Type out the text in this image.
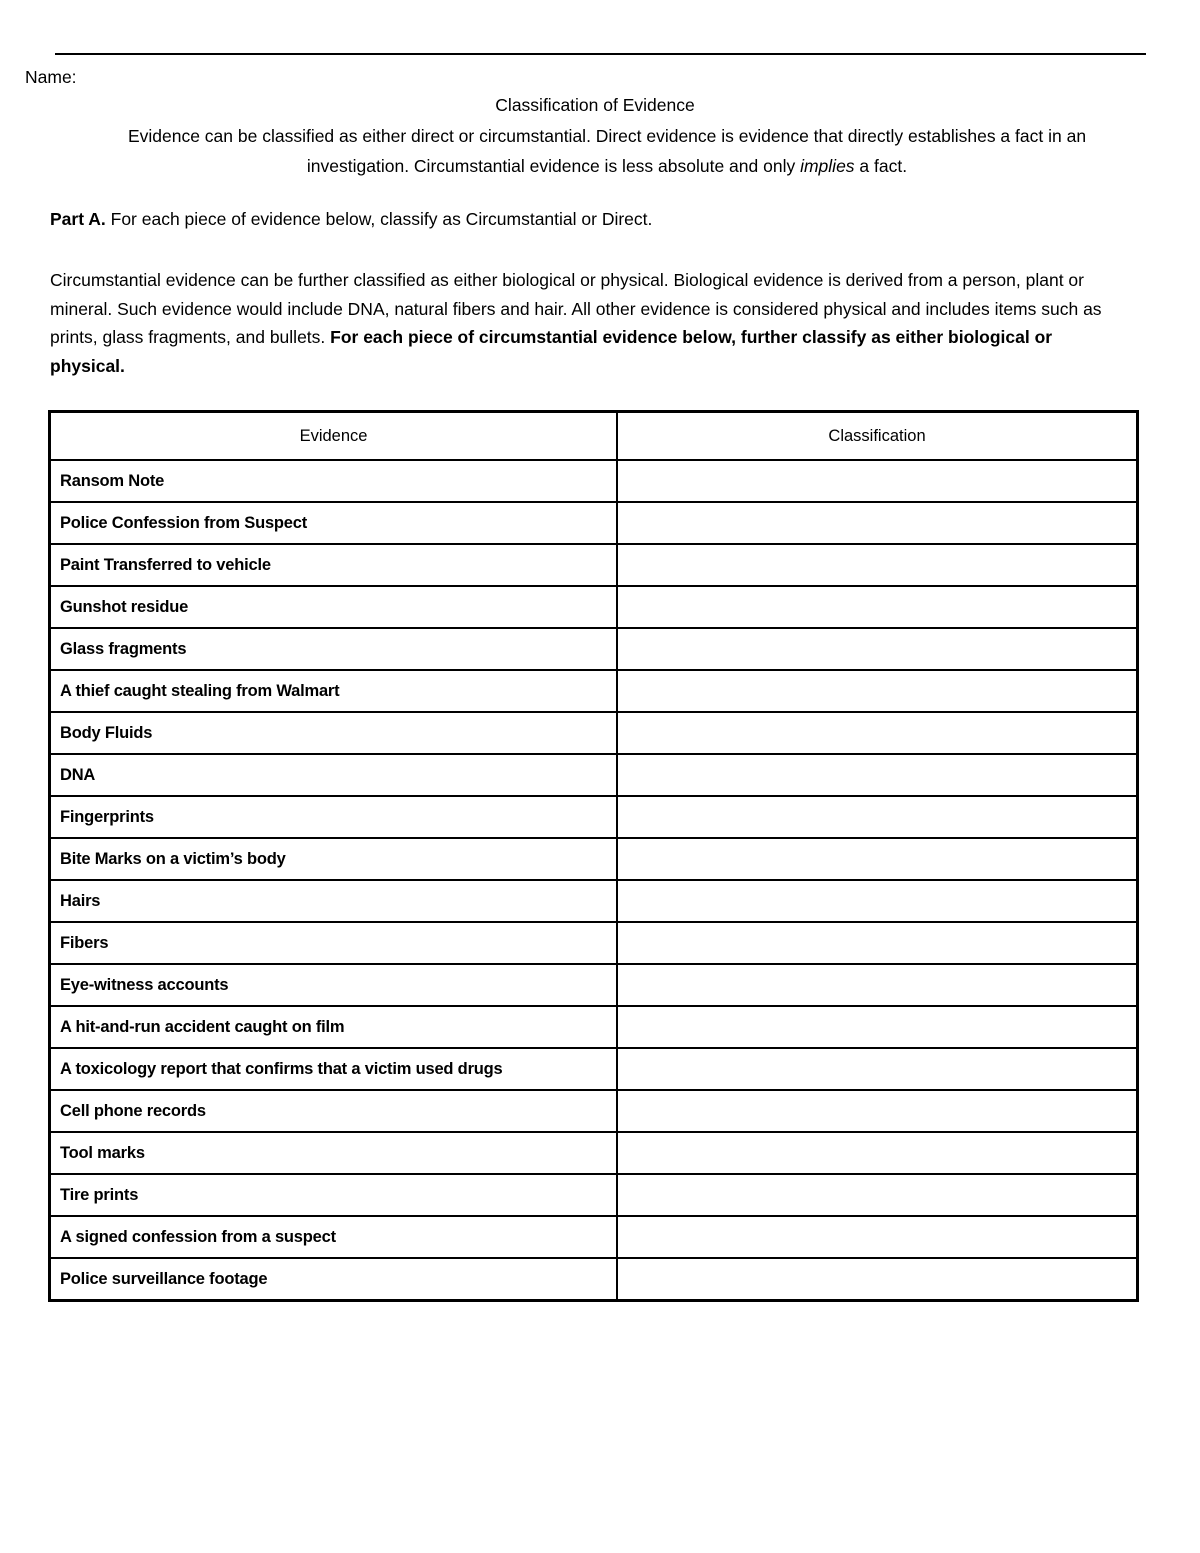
Name:
Classification of Evidence
Evidence can be classified as either direct or circumstantial. Direct evidence is evidence that directly establishes a fact in an investigation. Circumstantial evidence is less absolute and only implies a fact.
Part A. For each piece of evidence below, classify as Circumstantial or Direct.
Circumstantial evidence can be further classified as either biological or physical. Biological evidence is derived from a person, plant or mineral. Such evidence would include DNA, natural fibers and hair. All other evidence is considered physical and includes items such as prints, glass fragments, and bullets. For each piece of circumstantial evidence below, further classify as either biological or physical.
Evidence	Classification
Ransom Note	
Police Confession from Suspect	
Paint Transferred to vehicle	
Gunshot residue	
Glass fragments	
A thief caught stealing from Walmart	
Body Fluids	
DNA	
Fingerprints	
Bite Marks on a victim’s body	
Hairs	
Fibers	
Eye-witness accounts	
A hit-and-run accident caught on film	
A toxicology report that confirms that a victim used drugs	
Cell phone records	
Tool marks	
Tire prints	
A signed confession from a suspect	
Police surveillance footage	
